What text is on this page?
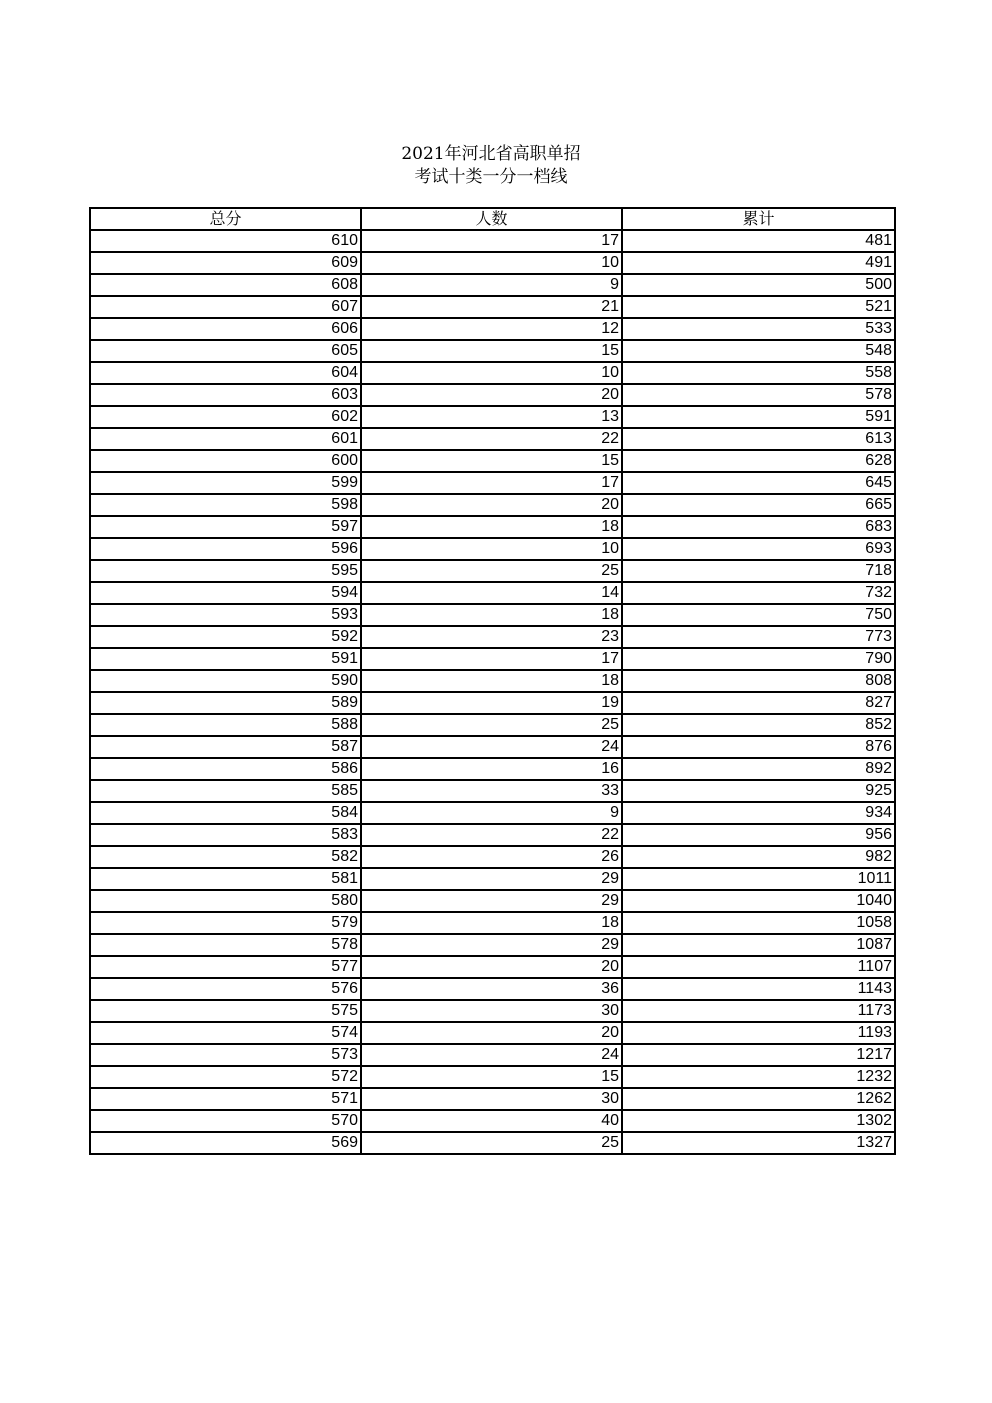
2021年河北省高职单招
考试十类一分一档线
总分	人数	累计
610	17	481
609	10	491
608	9	500
607	21	521
606	12	533
605	15	548
604	10	558
603	20	578
602	13	591
601	22	613
600	15	628
599	17	645
598	20	665
597	18	683
596	10	693
595	25	718
594	14	732
593	18	750
592	23	773
591	17	790
590	18	808
589	19	827
588	25	852
587	24	876
586	16	892
585	33	925
584	9	934
583	22	956
582	26	982
581	29	1011
580	29	1040
579	18	1058
578	29	1087
577	20	1107
576	36	1143
575	30	1173
574	20	1193
573	24	1217
572	15	1232
571	30	1262
570	40	1302
569	25	1327
